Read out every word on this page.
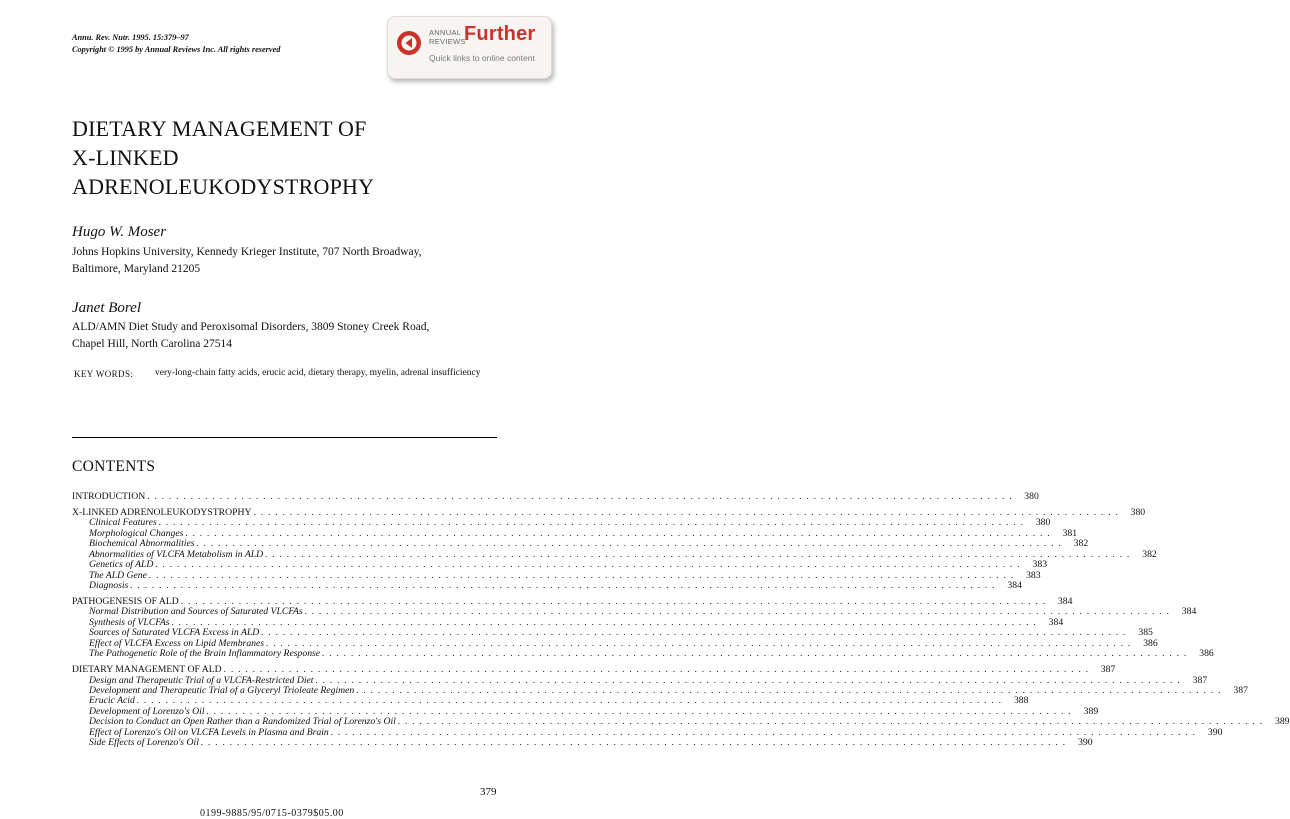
Annu. Rev. Nutr. 1995. 15:379–97
Copyright © 1995 by Annual Reviews Inc. All rights reserved
ANNUAL
REVIEWS
Further
Quick links to online content
DIETARY MANAGEMENT OF
X-LINKED
ADRENOLEUKODYSTROPHY
Hugo W. Moser
Johns Hopkins University, Kennedy Krieger Institute, 707 North Broadway,
Baltimore, Maryland 21205
Janet Borel
ALD/AMN Diet Study and Peroxisomal Disorders, 3809 Stoney Creek Road,
Chapel Hill, North Carolina 27514
KEY WORDS: very-long-chain fatty acids, erucic acid, dietary therapy, myelin, adrenal insufficiency
CONTENTS
INTRODUCTION . . . . . . . . . . . . . . . . . . . . . . . . . . . . . . . . . . . . . . . . . . . . . . . . . . . . . . . . . . . . . . . . . . . . . . . . . . . . . . . . . . . . . . . . . . . . . . . . . . . . . . . . . . . . . . . . . . . . . . . .	380
X-LINKED ADRENOLEUKODYSTROPHY . . . . . . . . . . . . . . . . . . . . . . . . . . . . . . . . . . . . . . . . . . . . . . . . . . . . . . . . . . . . . . . . . . . . . . . . . . . . . . . . . . . . . . . . . . . . . . . . . . . . . . . . . . . . . . . . . . . . . . . .	380
Clinical Features . . . . . . . . . . . . . . . . . . . . . . . . . . . . . . . . . . . . . . . . . . . . . . . . . . . . . . . . . . . . . . . . . . . . . . . . . . . . . . . . . . . . . . . . . . . . . . . . . . . . . . . . . . . . . . . . . . . . . . . .	380
Morphological Changes . . . . . . . . . . . . . . . . . . . . . . . . . . . . . . . . . . . . . . . . . . . . . . . . . . . . . . . . . . . . . . . . . . . . . . . . . . . . . . . . . . . . . . . . . . . . . . . . . . . . . . . . . . . . . . . . . . . . . . . .	381
Biochemical Abnormalities . . . . . . . . . . . . . . . . . . . . . . . . . . . . . . . . . . . . . . . . . . . . . . . . . . . . . . . . . . . . . . . . . . . . . . . . . . . . . . . . . . . . . . . . . . . . . . . . . . . . . . . . . . . . . . . . . . . . . . . .	382
Abnormalities of VLCFA Metabolism in ALD . . . . . . . . . . . . . . . . . . . . . . . . . . . . . . . . . . . . . . . . . . . . . . . . . . . . . . . . . . . . . . . . . . . . . . . . . . . . . . . . . . . . . . . . . . . . . . . . . . . . . . . . . . . . . . . . . . . . . . . .	382
Genetics of ALD . . . . . . . . . . . . . . . . . . . . . . . . . . . . . . . . . . . . . . . . . . . . . . . . . . . . . . . . . . . . . . . . . . . . . . . . . . . . . . . . . . . . . . . . . . . . . . . . . . . . . . . . . . . . . . . . . . . . . . . .	383
The ALD Gene . . . . . . . . . . . . . . . . . . . . . . . . . . . . . . . . . . . . . . . . . . . . . . . . . . . . . . . . . . . . . . . . . . . . . . . . . . . . . . . . . . . . . . . . . . . . . . . . . . . . . . . . . . . . . . . . . . . . . . . .	383
Diagnosis . . . . . . . . . . . . . . . . . . . . . . . . . . . . . . . . . . . . . . . . . . . . . . . . . . . . . . . . . . . . . . . . . . . . . . . . . . . . . . . . . . . . . . . . . . . . . . . . . . . . . . . . . . . . . . . . . . . . . . . .	384
PATHOGENESIS OF ALD . . . . . . . . . . . . . . . . . . . . . . . . . . . . . . . . . . . . . . . . . . . . . . . . . . . . . . . . . . . . . . . . . . . . . . . . . . . . . . . . . . . . . . . . . . . . . . . . . . . . . . . . . . . . . . . . . . . . . . . .	384
Normal Distribution and Sources of Saturated VLCFAs . . . . . . . . . . . . . . . . . . . . . . . . . . . . . . . . . . . . . . . . . . . . . . . . . . . . . . . . . . . . . . . . . . . . . . . . . . . . . . . . . . . . . . . . . . . . . . . . . . . . . . . . . . . . . . . . . . . . . . . .	384
Synthesis of VLCFAs . . . . . . . . . . . . . . . . . . . . . . . . . . . . . . . . . . . . . . . . . . . . . . . . . . . . . . . . . . . . . . . . . . . . . . . . . . . . . . . . . . . . . . . . . . . . . . . . . . . . . . . . . . . . . . . . . . . . . . . .	384
Sources of Saturated VLCFA Excess in ALD . . . . . . . . . . . . . . . . . . . . . . . . . . . . . . . . . . . . . . . . . . . . . . . . . . . . . . . . . . . . . . . . . . . . . . . . . . . . . . . . . . . . . . . . . . . . . . . . . . . . . . . . . . . . . . . . . . . . . . . .	385
Effect of VLCFA Excess on Lipid Membranes . . . . . . . . . . . . . . . . . . . . . . . . . . . . . . . . . . . . . . . . . . . . . . . . . . . . . . . . . . . . . . . . . . . . . . . . . . . . . . . . . . . . . . . . . . . . . . . . . . . . . . . . . . . . . . . . . . . . . . . .	386
The Pathogenetic Role of the Brain Inflammatory Response . . . . . . . . . . . . . . . . . . . . . . . . . . . . . . . . . . . . . . . . . . . . . . . . . . . . . . . . . . . . . . . . . . . . . . . . . . . . . . . . . . . . . . . . . . . . . . . . . . . . . . . . . . . . . . . . . . . . . . . .	386
DIETARY MANAGEMENT OF ALD . . . . . . . . . . . . . . . . . . . . . . . . . . . . . . . . . . . . . . . . . . . . . . . . . . . . . . . . . . . . . . . . . . . . . . . . . . . . . . . . . . . . . . . . . . . . . . . . . . . . . . . . . . . . . . . . . . . . . . . .	387
Design and Therapeutic Trial of a VLCFA-Restricted Diet . . . . . . . . . . . . . . . . . . . . . . . . . . . . . . . . . . . . . . . . . . . . . . . . . . . . . . . . . . . . . . . . . . . . . . . . . . . . . . . . . . . . . . . . . . . . . . . . . . . . . . . . . . . . . . . . . . . . . . . .	387
Development and Therapeutic Trial of a Glyceryl Trioleate Regimen . . . . . . . . . . . . . . . . . . . . . . . . . . . . . . . . . . . . . . . . . . . . . . . . . . . . . . . . . . . . . . . . . . . . . . . . . . . . . . . . . . . . . . . . . . . . . . . . . . . . . . . . . . . . . . . . . . . . . . . .	387
Erucic Acid . . . . . . . . . . . . . . . . . . . . . . . . . . . . . . . . . . . . . . . . . . . . . . . . . . . . . . . . . . . . . . . . . . . . . . . . . . . . . . . . . . . . . . . . . . . . . . . . . . . . . . . . . . . . . . . . . . . . . . . .	388
Development of Lorenzo's Oil . . . . . . . . . . . . . . . . . . . . . . . . . . . . . . . . . . . . . . . . . . . . . . . . . . . . . . . . . . . . . . . . . . . . . . . . . . . . . . . . . . . . . . . . . . . . . . . . . . . . . . . . . . . . . . . . . . . . . . . .	389
Decision to Conduct an Open Rather than a Randomized Trial of Lorenzo's Oil . . . . . . . . . . . . . . . . . . . . . . . . . . . . . . . . . . . . . . . . . . . . . . . . . . . . . . . . . . . . . . . . . . . . . . . . . . . . . . . . . . . . . . . . . . . . . . . . . . . . . . . . . . . . . . . . . . . . . . . .	389
Effect of Lorenzo's Oil on VLCFA Levels in Plasma and Brain . . . . . . . . . . . . . . . . . . . . . . . . . . . . . . . . . . . . . . . . . . . . . . . . . . . . . . . . . . . . . . . . . . . . . . . . . . . . . . . . . . . . . . . . . . . . . . . . . . . . . . . . . . . . . . . . . . . . . . . .	390
Side Effects of Lorenzo's Oil . . . . . . . . . . . . . . . . . . . . . . . . . . . . . . . . . . . . . . . . . . . . . . . . . . . . . . . . . . . . . . . . . . . . . . . . . . . . . . . . . . . . . . . . . . . . . . . . . . . . . . . . . . . . . . . . . . . . . . . .	390
379
0199-9885/95/0715-0379$05.00
